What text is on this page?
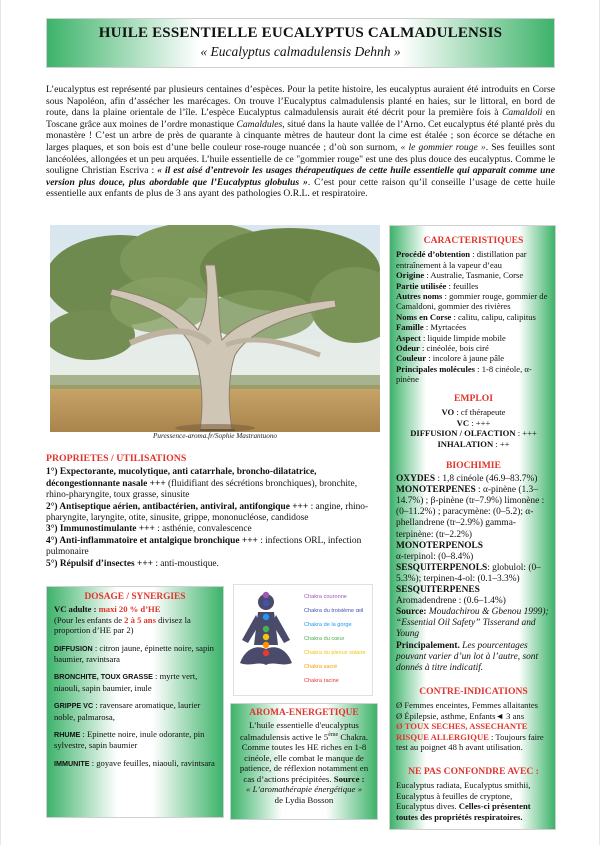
HUILE ESSENTIELLE EUCALYPTUS CALMADULENSIS
« Eucalyptus calmadulensis Dehnh »
L’eucalyptus est représenté par plusieurs centaines d’espèces. Pour la petite histoire, les eucalyptus auraient été introduits en Corse sous Napoléon, afin d’assécher les marécages. On trouve l’Eucalyptus calmadulensis planté en haies, sur le littoral, en bord de route, dans la plaine orientale de l’île. L’espèce Eucalyptus calmadulensis aurait été décrit pour la première fois à Camaldoli en Toscane grâce aux moines de l’ordre monastique Camaldules, situé dans la haute vallée de l’Arno. Cet eucalyptus été planté près du monastère ! C’est un arbre de près de quarante à cinquante mètres de hauteur dont la cime est étalée ; son écorce se détache en larges plaques, et son bois est d’une belle couleur rose-rouge nuancée ; d’où son surnom, « le gommier rouge ». Ses feuilles sont lancéolées, allongées et un peu arquées. L’huile essentielle de ce "gommier rouge" est une des plus douce des eucalyptus. Comme le souligne Christian Escriva : « il est aisé d’entrevoir les usages thérapeutiques de cette huile essentielle qui apparait comme une version plus douce, plus abordable que l’Eucalyptus globulus ». C’est pour cette raison qu’il conseille l’usage de cette huile essentielle aux enfants de plus de 3 ans ayant des pathologies O.R.L. et respiratoire.
Puressence-aroma.fr/Sophie Mastrantuono
PROPRIETES / UTILISATIONS
1°) Expectorante, mucolytique, anti catarrhale, broncho-dilatatrice, décongestionnante nasale +++ (fluidifiant des sécrétions bronchiques), bronchite, rhino-pharyngite, toux grasse, sinusite
2°) Antiseptique aérien, antibactérien, antiviral, antifongique +++ : angine, rhino-pharyngite, laryngite, otite, sinusite, grippe, mononucléose, candidose
3°) Immunostimulante +++ : asthénie, convalescence
4°) Anti-inflammatoire et antalgique bronchique +++ : infections ORL, infection pulmonaire
5°) Répulsif d’insectes +++ : anti-moustique.
DOSAGE / SYNERGIES
VC adulte : maxi 20 % d’HE
(Pour les enfants de 2 à 5 ans divisez la proportion d’HE par 2)
DIFFUSION : citron jaune, épinette noire, sapin baumier, ravintsara
BRONCHITE, TOUX GRASSE : myrte vert, niaouli, sapin baumier, inule
GRIPPE VC : ravensare aromatique, laurier noble, palmarosa,
RHUME : Epinette noire, inule odorante, pin sylvestre, sapin baumier
IMMUNITE : goyave feuilles, niaouli, ravintsara
Chakra couronne
Chakra du troisième œil
Chakra de la gorge
Chakra du cœur
Chakra du plexus solaire
Chakra sacré
Chakra racine
AROMA-ENERGETIQUE
L’huile essentielle d'eucalyptus calmadulensis active le 5ème Chakra. Comme toutes les HE riches en 1-8 cinéole, elle combat le manque de patience, de réflexion notamment en cas d’actions précipitées. Source :
« L’aromathérapie énergétique »
de Lydia Bosson
CARACTERISTIQUES
Procédé d’obtention : distillation par entraînement à la vapeur d’eau
Origine : Australie, Tasmanie, Corse
Partie utilisée : feuilles
Autres noms : gommier rouge, gommier de Camaldoni, gommier des rivières
Noms en Corse : calitu, calipu, calipitus
Famille : Myrtacées
Aspect : liquide limpide mobile
Odeur : cinéolée, bois ciré
Couleur : incolore à jaune pâle
Principales molécules : 1-8 cinéole, α-pinène
EMPLOI
VO : cf thérapeute
VC : +++
DIFFUSION / OLFACTION : +++
INHALATION : ++
BIOCHIMIE
OXYDES : 1,8 cinéole (46.9–83.7%)
MONOTERPENES : α-pinène (1.3–14.7%) ; β-pinène (tr–7.9%) limonène : (0–11.2%) ; paracymène: (0–5.2); α-phellandrene (tr–2.9%) gamma-terpinène: (tr–2.2%)
MONOTERPENOLS
α-terpinol: (0–8.4%)
SESQUITERPENOLS: globulol: (0–5.3%); terpinen-4-ol: (0.1–3.3%)
SESQUITERPENES
Aromadendrene : (0.6–1.4%)
Source: Moudachirou & Gbenou 1999); “Essential Oil Safety” Tisserand and Young
Principalement. Les pourcentages pouvant varier d’un lot à l’autre, sont donnés à titre indicatif.
CONTRE-INDICATIONS
Ø Femmes enceintes, Femmes allaitantes
Ø Épilepsie, asthme, Enfants◄ 3 ans
Ø TOUX SECHES, ASSECHANTE
RISQUE ALLERGIQUE : Toujours faire test au poignet 48 h avant utilisation.
NE PAS CONFONDRE AVEC :
Eucalyptus radiata, Eucalyptus smithii, Eucalyptus à feuilles de cryptone, Eucalyptus dives. Celles-ci présentent toutes des propriétés respiratoires.
